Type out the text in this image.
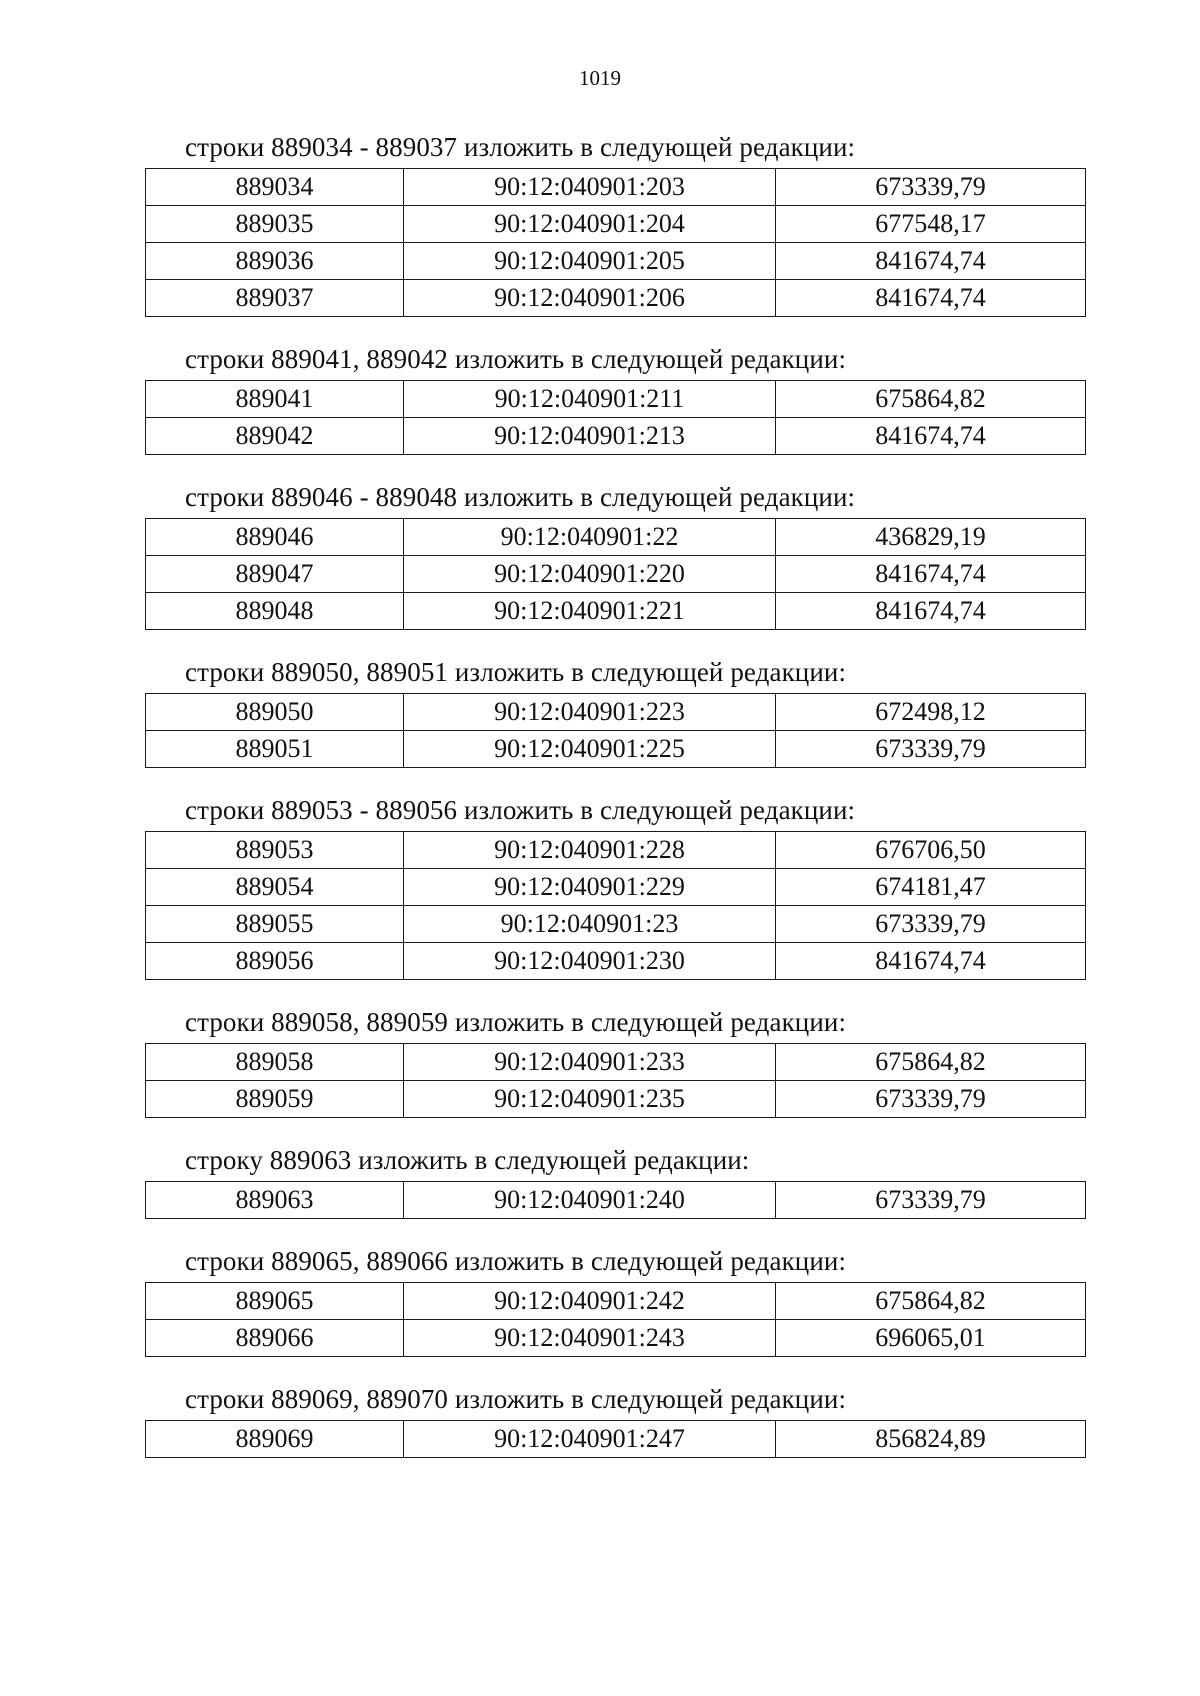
1019
строки 889034 - 889037 изложить в следующей редакции:
889034	90:12:040901:203	673339,79
889035	90:12:040901:204	677548,17
889036	90:12:040901:205	841674,74
889037	90:12:040901:206	841674,74
строки 889041, 889042 изложить в следующей редакции:
889041	90:12:040901:211	675864,82
889042	90:12:040901:213	841674,74
строки 889046 - 889048 изложить в следующей редакции:
889046	90:12:040901:22	436829,19
889047	90:12:040901:220	841674,74
889048	90:12:040901:221	841674,74
строки 889050, 889051 изложить в следующей редакции:
889050	90:12:040901:223	672498,12
889051	90:12:040901:225	673339,79
строки 889053 - 889056 изложить в следующей редакции:
889053	90:12:040901:228	676706,50
889054	90:12:040901:229	674181,47
889055	90:12:040901:23	673339,79
889056	90:12:040901:230	841674,74
строки 889058, 889059 изложить в следующей редакции:
889058	90:12:040901:233	675864,82
889059	90:12:040901:235	673339,79
строку 889063 изложить в следующей редакции:
889063	90:12:040901:240	673339,79
строки 889065, 889066 изложить в следующей редакции:
889065	90:12:040901:242	675864,82
889066	90:12:040901:243	696065,01
строки 889069, 889070 изложить в следующей редакции:
889069	90:12:040901:247	856824,89
